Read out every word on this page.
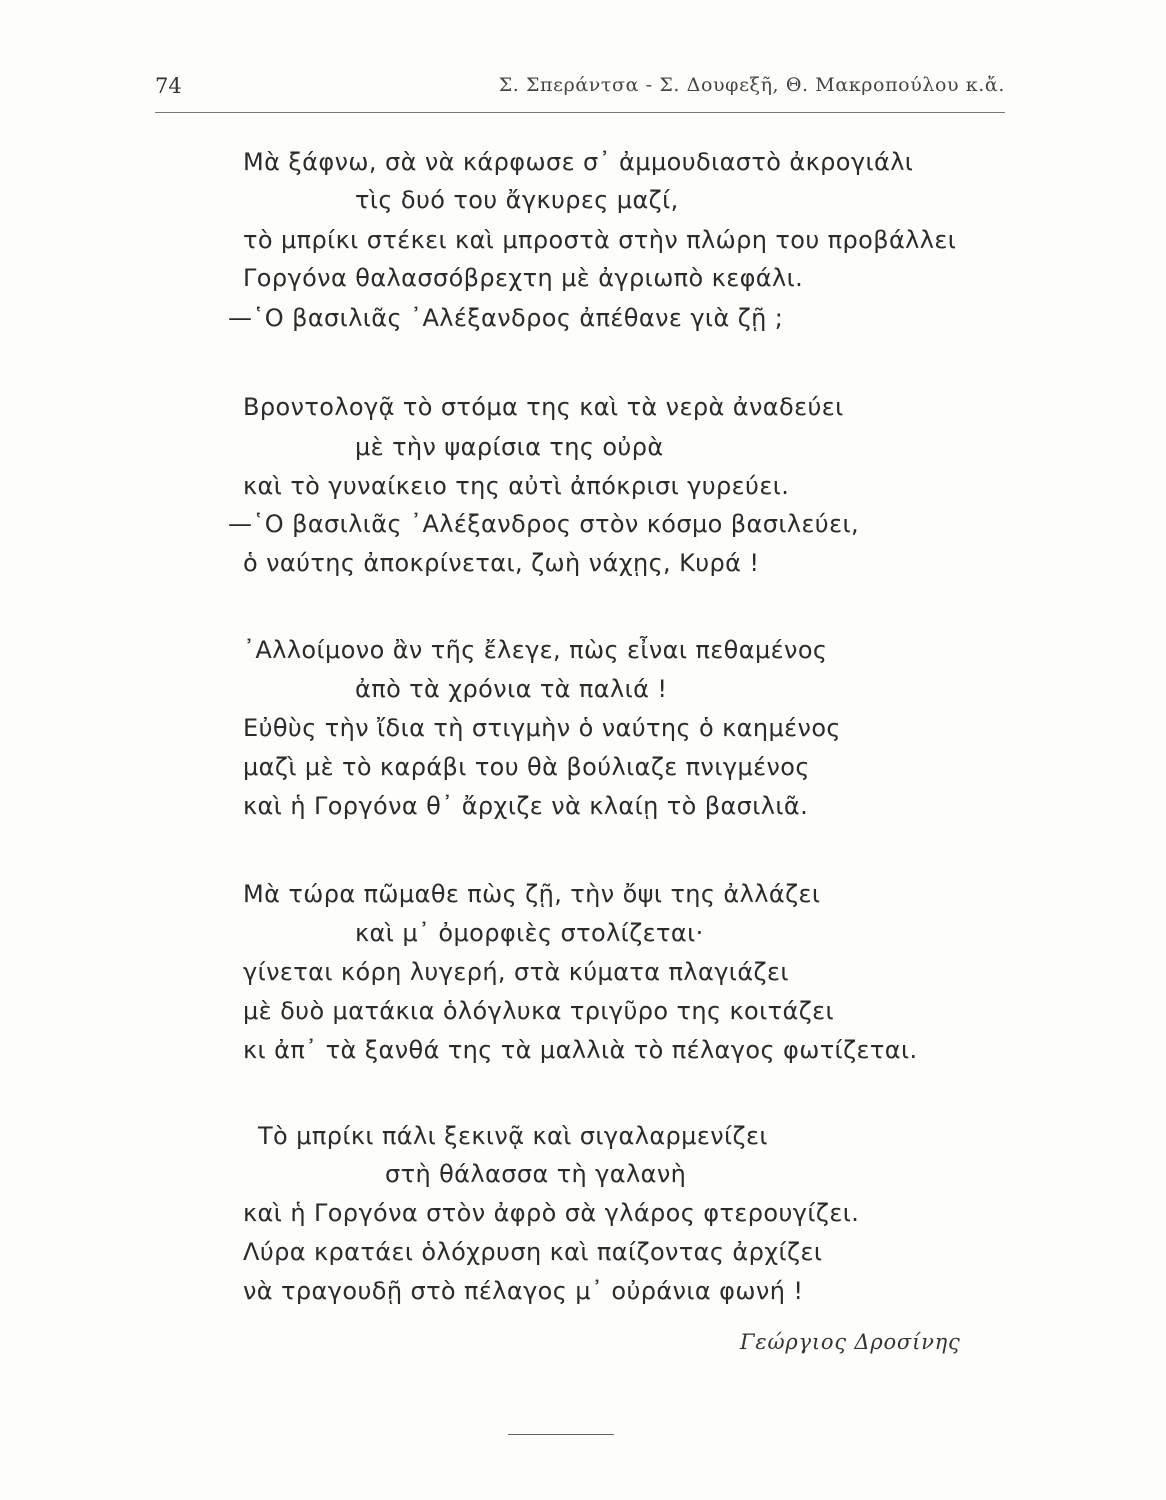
74	Σ. Σπεράντσα - Σ. Δουφεξῆ, Θ. Μακροπούλου κ.ἄ.
Μὰ ξάφνω, σὰ νὰ κάρφωσε σ᾿ ἀμμουδιαστὸ ἀκρογιάλι
τὶς δυό του ἄγκυρες μαζί,
τὸ μπρίκι στέκει καὶ μπροστὰ στὴν πλώρη του προβάλλει
Γοργόνα θαλασσόβρεχτη μὲ ἀγριωπὸ κεφάλι.
—῾Ο βασιλιᾶς ᾿Αλέξανδρος ἀπέθανε γιὰ ζῇ ;
Βροντολογᾷ τὸ στόμα της καὶ τὰ νερὰ ἀναδεύει
μὲ τὴν ψαρίσια της οὐρὰ
καὶ τὸ γυναίκειο της αὐτὶ ἀπόκρισι γυρεύει.
—῾Ο βασιλιᾶς ᾿Αλέξανδρος στὸν κόσμο βασιλεύει,
ὁ ναύτης ἀποκρίνεται, ζωὴ νάχῃς, Κυρά !
᾿Αλλοίμονο ἂν τῆς ἔλεγε, πὼς εἶναι πεθαμένος
ἀπὸ τὰ χρόνια τὰ παλιά !
Εὐθὺς τὴν ἴδια τὴ στιγμὴν ὁ ναύτης ὁ καημένος
μαζὶ μὲ τὸ καράβι του θὰ βούλιαζε πνιγμένος
καὶ ἡ Γοργόνα θ᾿ ἄρχιζε νὰ κλαίῃ τὸ βασιλιᾶ.
Μὰ τώρα πῶμαθε πὼς ζῇ, τὴν ὄψι της ἀλλάζει
καὶ μ᾿ ὀμορφιὲς στολίζεται·
γίνεται κόρη λυγερή, στὰ κύματα πλαγιάζει
μὲ δυὸ ματάκια ὁλόγλυκα τριγῦρο της κοιτάζει
κι ἀπ᾿ τὰ ξανθά της τὰ μαλλιὰ τὸ πέλαγος φωτίζεται.
Τὸ μπρίκι πάλι ξεκινᾷ καὶ σιγαλαρμενίζει
στὴ θάλασσα τὴ γαλανὴ
καὶ ἡ Γοργόνα στὸν ἀφρὸ σὰ γλάρος φτερουγίζει.
Λύρα κρατάει ὁλόχρυση καὶ παίζοντας ἀρχίζει
νὰ τραγουδῇ στὸ πέλαγος μ᾿ οὐράνια φωνή !
Γεώργιος Δροσίνης
